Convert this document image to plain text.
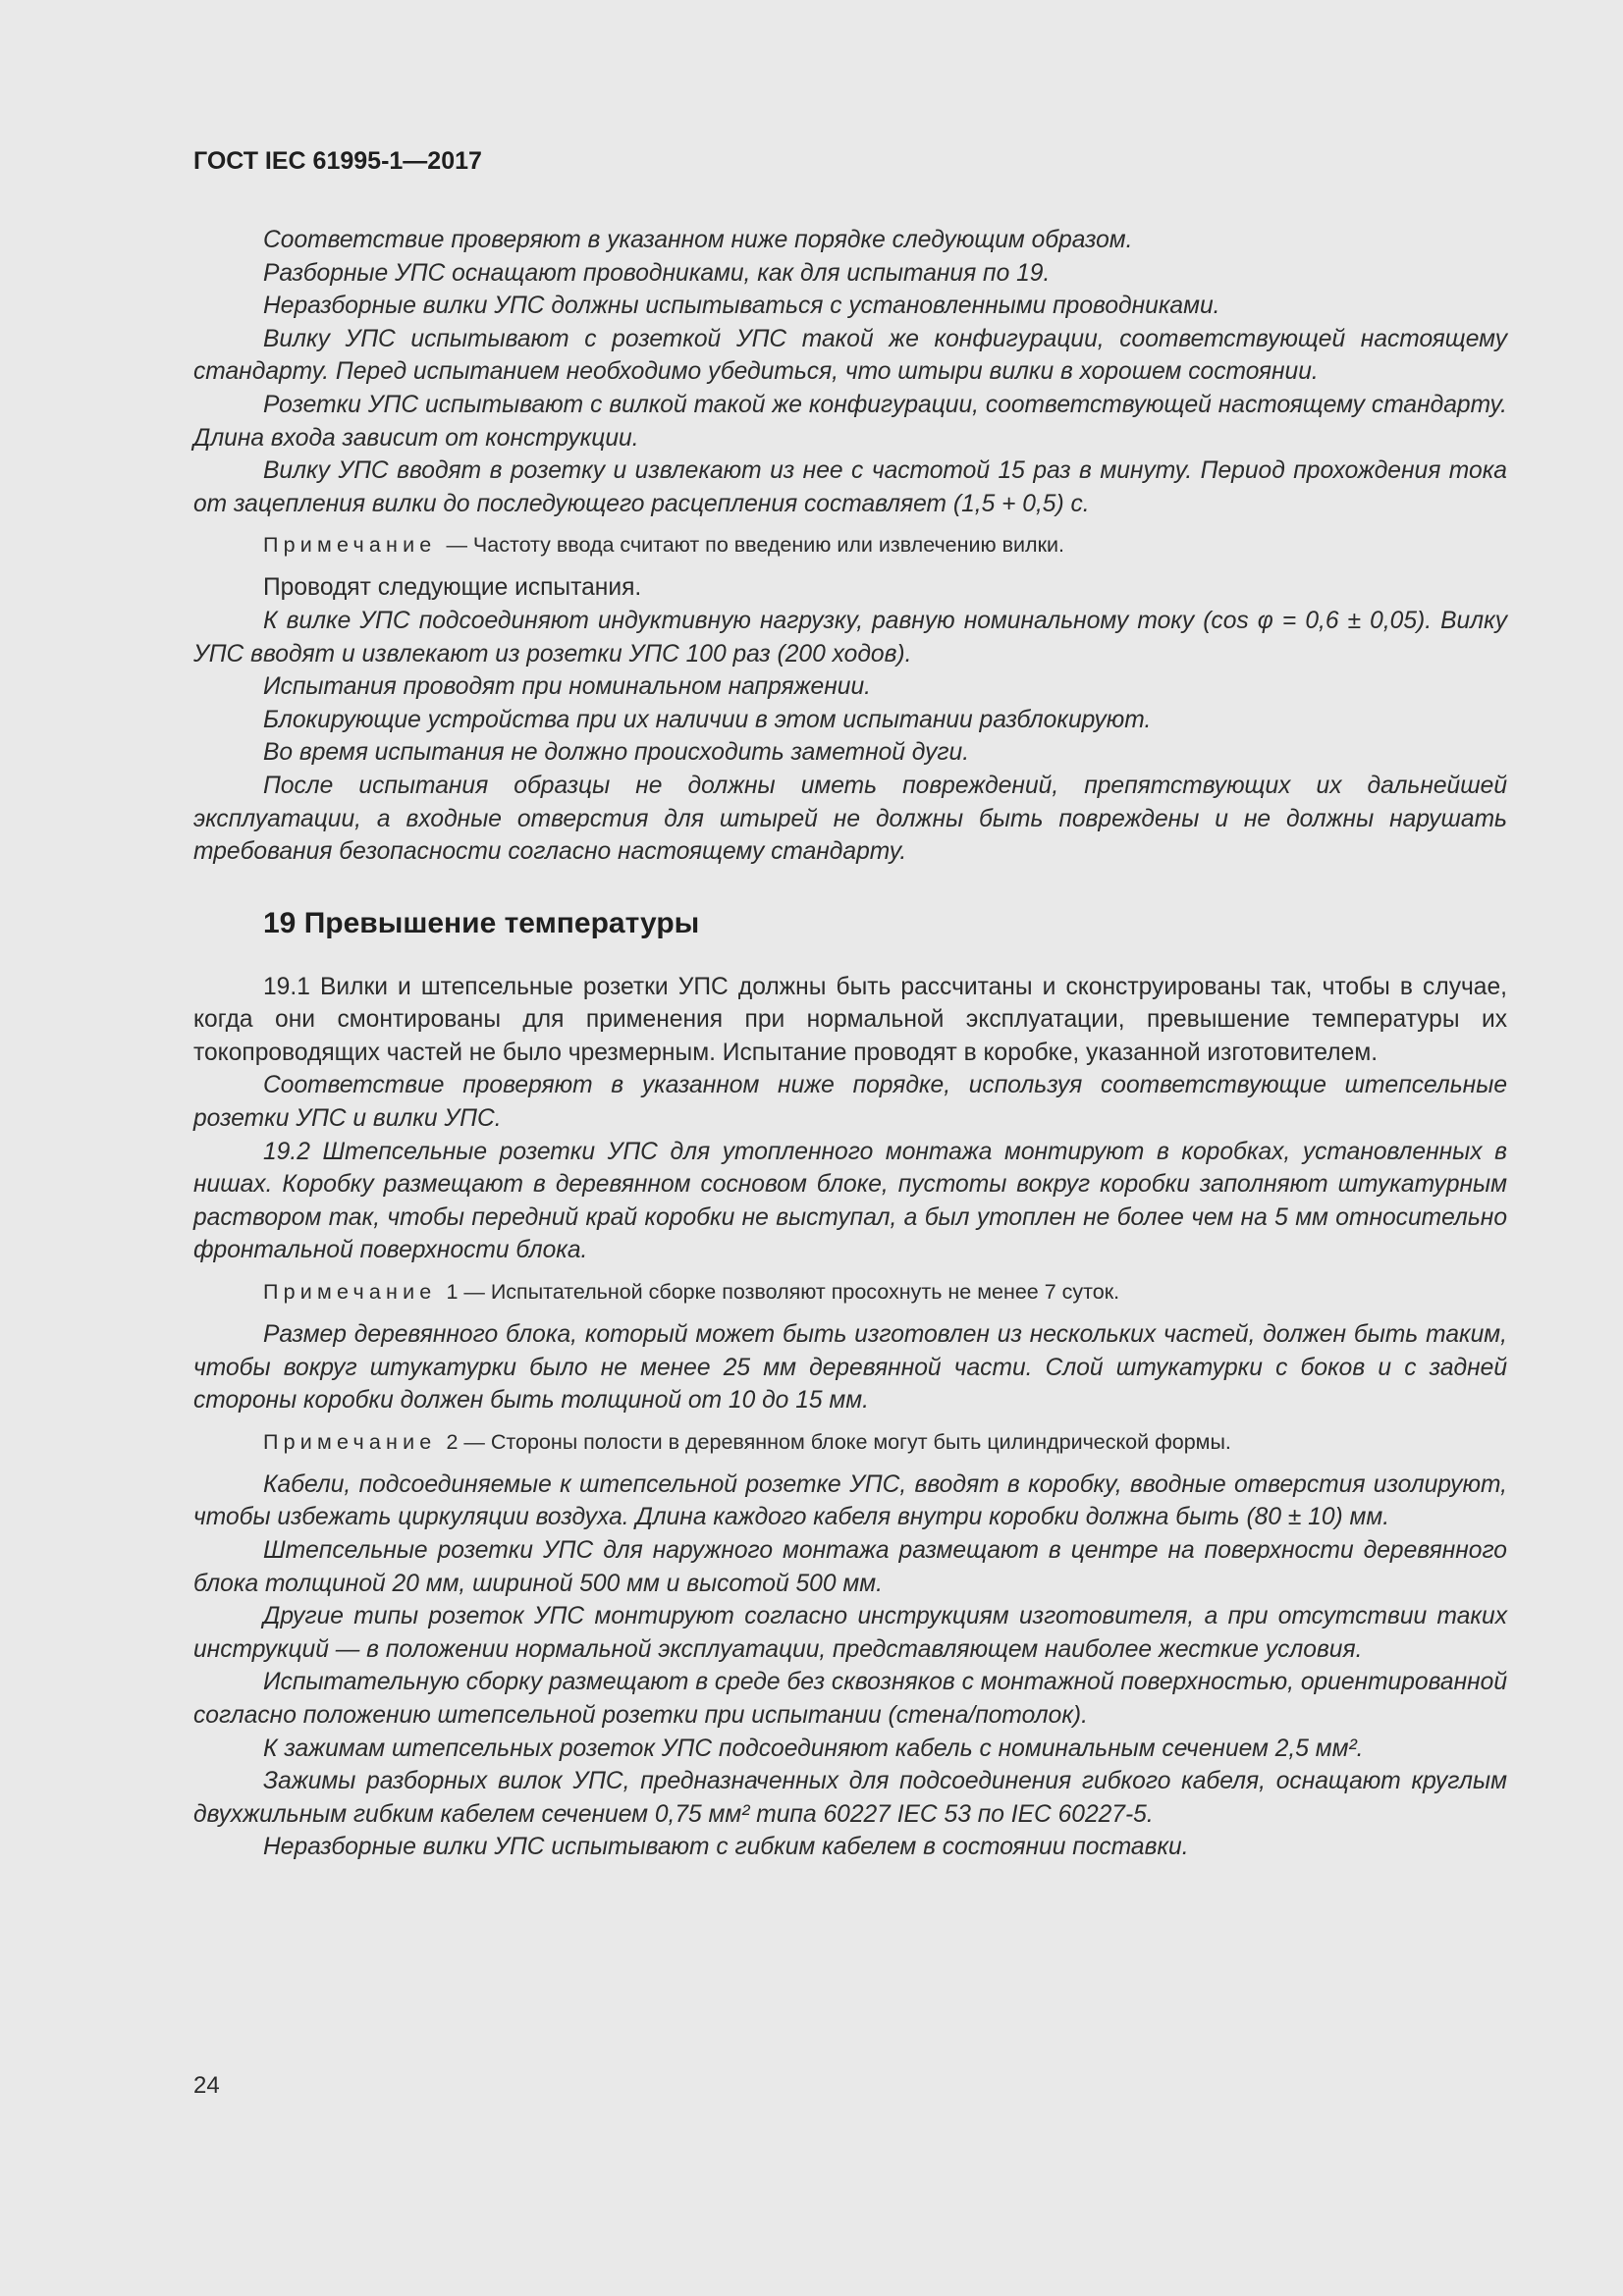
ГОСТ IEC 61995-1—2017

Соответствие проверяют в указанном ниже порядке следующим образом.

Разборные УПС оснащают проводниками, как для испытания по 19.

Неразборные вилки УПС должны испытываться с установленными проводниками.

Вилку УПС испытывают с розеткой УПС такой же конфигурации, соответствующей настоящему стандарту. Перед испытанием необходимо убедиться, что штыри вилки в хорошем состоянии.

Розетки УПС испытывают с вилкой такой же конфигурации, соответствующей настоящему стандарту. Длина входа зависит от конструкции.

Вилку УПС вводят в розетку и извлекают из нее с частотой 15 раз в минуту. Период прохождения тока от зацепления вилки до последующего расцепления составляет (1,5 + 0,5) с.

Примечание — Частоту ввода считают по введению или извлечению вилки.

Проводят следующие испытания.

К вилке УПС подсоединяют индуктивную нагрузку, равную номинальному току (cos φ = 0,6 ± 0,05). Вилку УПС вводят и извлекают из розетки УПС 100 раз (200 ходов).

Испытания проводят при номинальном напряжении.

Блокирующие устройства при их наличии в этом испытании разблокируют.

Во время испытания не должно происходить заметной дуги.

После испытания образцы не должны иметь повреждений, препятствующих их дальнейшей эксплуатации, а входные отверстия для штырей не должны быть повреждены и не должны нарушать требования безопасности согласно настоящему стандарту.

19 Превышение температуры

19.1 Вилки и штепсельные розетки УПС должны быть рассчитаны и сконструированы так, чтобы в случае, когда они смонтированы для применения при нормальной эксплуатации, превышение температуры их токопроводящих частей не было чрезмерным. Испытание проводят в коробке, указанной изготовителем.

Соответствие проверяют в указанном ниже порядке, используя соответствующие штепсельные розетки УПС и вилки УПС.

19.2 Штепсельные розетки УПС для утопленного монтажа монтируют в коробках, установленных в нишах. Коробку размещают в деревянном сосновом блоке, пустоты вокруг коробки заполняют штукатурным раствором так, чтобы передний край коробки не выступал, а был утоплен не более чем на 5 мм относительно фронтальной поверхности блока.

Примечание 1 — Испытательной сборке позволяют просохнуть не менее 7 суток.

Размер деревянного блока, который может быть изготовлен из нескольких частей, должен быть таким, чтобы вокруг штукатурки было не менее 25 мм деревянной части. Слой штукатурки с боков и с задней стороны коробки должен быть толщиной от 10 до 15 мм.

Примечание 2 — Стороны полости в деревянном блоке могут быть цилиндрической формы.

Кабели, подсоединяемые к штепсельной розетке УПС, вводят в коробку, вводные отверстия изолируют, чтобы избежать циркуляции воздуха. Длина каждого кабеля внутри коробки должна быть (80 ± 10) мм.

Штепсельные розетки УПС для наружного монтажа размещают в центре на поверхности деревянного блока толщиной 20 мм, шириной 500 мм и высотой 500 мм.

Другие типы розеток УПС монтируют согласно инструкциям изготовителя, а при отсутствии таких инструкций — в положении нормальной эксплуатации, представляющем наиболее жесткие условия.

Испытательную сборку размещают в среде без сквозняков с монтажной поверхностью, ориентированной согласно положению штепсельной розетки при испытании (стена/потолок).

К зажимам штепсельных розеток УПС подсоединяют кабель с номинальным сечением 2,5 мм².

Зажимы разборных вилок УПС, предназначенных для подсоединения гибкого кабеля, оснащают круглым двухжильным гибким кабелем сечением 0,75 мм² типа 60227 IEC 53 по IEC 60227-5.

Неразборные вилки УПС испытывают с гибким кабелем в состоянии поставки.

24
